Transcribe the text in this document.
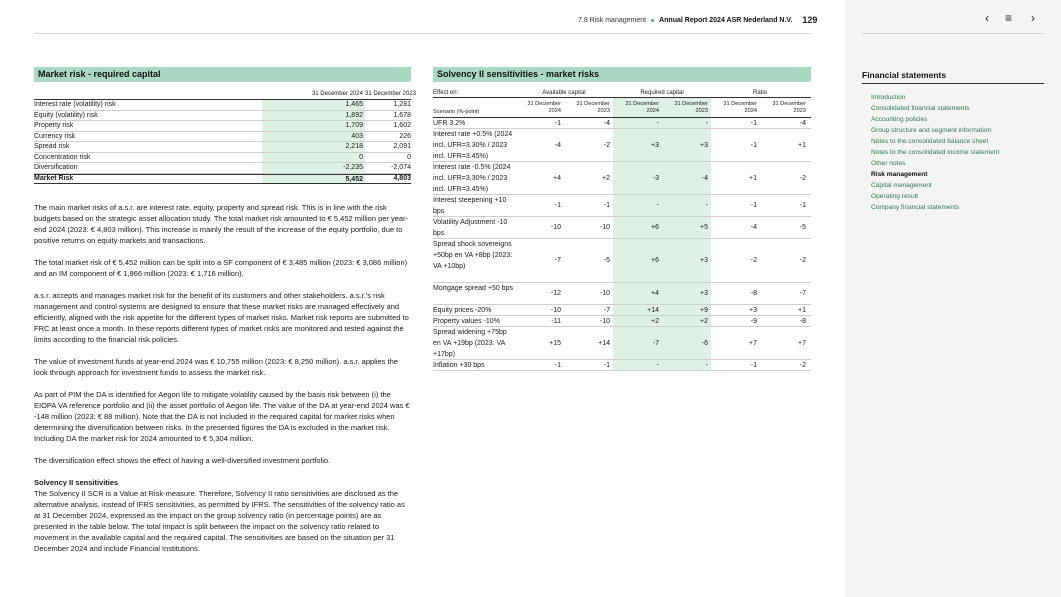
7.8 Risk management Annual Report 2024 ASR Nederland N.V. 129
Market risk - required capital
31 December 2024 31 December 2023
Interest rate (volatility) risk	1,465	1,281
Equity (volatility) risk	1,892	1,678
Property risk	1,709	1,602
Currency risk	403	226
Spread risk	2,218	2,091
Concentration risk	0	0
Diversification	-2,235	-2,074
Market Risk	5,452	4,803

The main market risks of a.s.r. are interest rate, equity, property and spread risk. This is in line with the risk budgets based on the strategic asset allocation study. The total market risk amounted to € 5,452 million per year-end 2024 (2023: € 4,803 million). This increase is mainly the result of the increase of the equity portfolio, due to positive returns on equity markets and transactions.

The total market risk of € 5,452 million can be split into a SF component of € 3,485 million (2023: € 3,086 million) and an IM component of € 1,966 million (2023: € 1,716 million).

a.s.r. accepts and manages market risk for the benefit of its customers and other stakeholders. a.s.r.'s risk management and control systems are designed to ensure that these market risks are managed effectively and efficiently, aligned with the risk appetite for the different types of market risks. Market risk reports are submitted to FRC at least once a month. In these reports different types of market risks are monitored and tested against the limits according to the financial risk policies.

The value of investment funds at year-end 2024 was € 10,755 million (2023: € 8,250 million). a.s.r. applies the look through approach for investment funds to assess the market risk.

As part of PIM the DA is identified for Aegon life to mitigate volatility caused by the basis risk between (i) the EIOPA VA reference portfolio and (ii) the asset portfolio of Aegon life. The value of the DA at year-end 2024 was € -148 million (2023: € 88 million). Note that the DA is not included in the required capital for market risks when determining the diversification between risks. In the presented figures the DA is excluded in the market risk. Including DA the market risk for 2024 amounted to € 5,304 million.

The diversification effect shows the effect of having a well-diversified investment portfolio.

Solvency II sensitivities

The Solvency II SCR is a Value at Risk-measure. Therefore, Solvency II ratio sensitivities are disclosed as the alternative analysis, instead of IFRS sensitivities, as permitted by IFRS. The sensitivities of the solvency ratio as at 31 December 2024, expressed as the impact on the group solvency ratio (in percentage points) are as presented in the table below. The total impact is split between the impact on the solvency ratio related to movement in the available capital and the required capital. The sensitivities are based on the situation per 31 December 2024 and include Financial Institutions.

Solvency II sensitivities - market risks
Effect on:	Available capital	Required capital	Ratio
Scenario (%-point)
31 December 2024
31 December 2023
31 December 2024
31 December 2023
31 December 2024
31 December 2023
UFR 3.2%	-1	-4	-	-	-1	-4
Interest rate +0.5% (2024 incl. UFR=3.30% / 2023 incl. UFR=3.45%)
-4	-2	+3	+3	-1	+1
Interest rate -0.5% (2024 incl. UFR=3.30% / 2023 incl. UFR=3.45%)
+4	+2	-3	-4	+1	-2
Interest steepening +10 bps
-1	-1	-	-	-1	-1
Volatility Adjustment -10 bps
-10	-10	+6	+5	-4	-5
Spread shock sovereigns +50bp en VA +8bp (2023: VA +10bp)
-7	-5	+6	+3	-2	-2
Mortgage spread +50 bps
-12	-10	+4	+3	-8	-7
Equity prices -20%	-10	-7	+14	+9	+3	+1
Property values -10%	-11	-10	+2	+2	-9	-8
Spread widening +75bp en VA +19bp (2023: VA +17bp)
+15	+14	-7	-6	+7	+7
Inflation +30 bps	-1	-1	-	-	-1	-2
‹ ≡ ›
Financial statements
Introduction
Consolidated financial statements
Accounting policies
Group structure and segment information
Notes to the consolidated balance sheet
Notes to the consolidated income statement
Other notes
Risk management
Capital management
Operating result
Company financial statements
